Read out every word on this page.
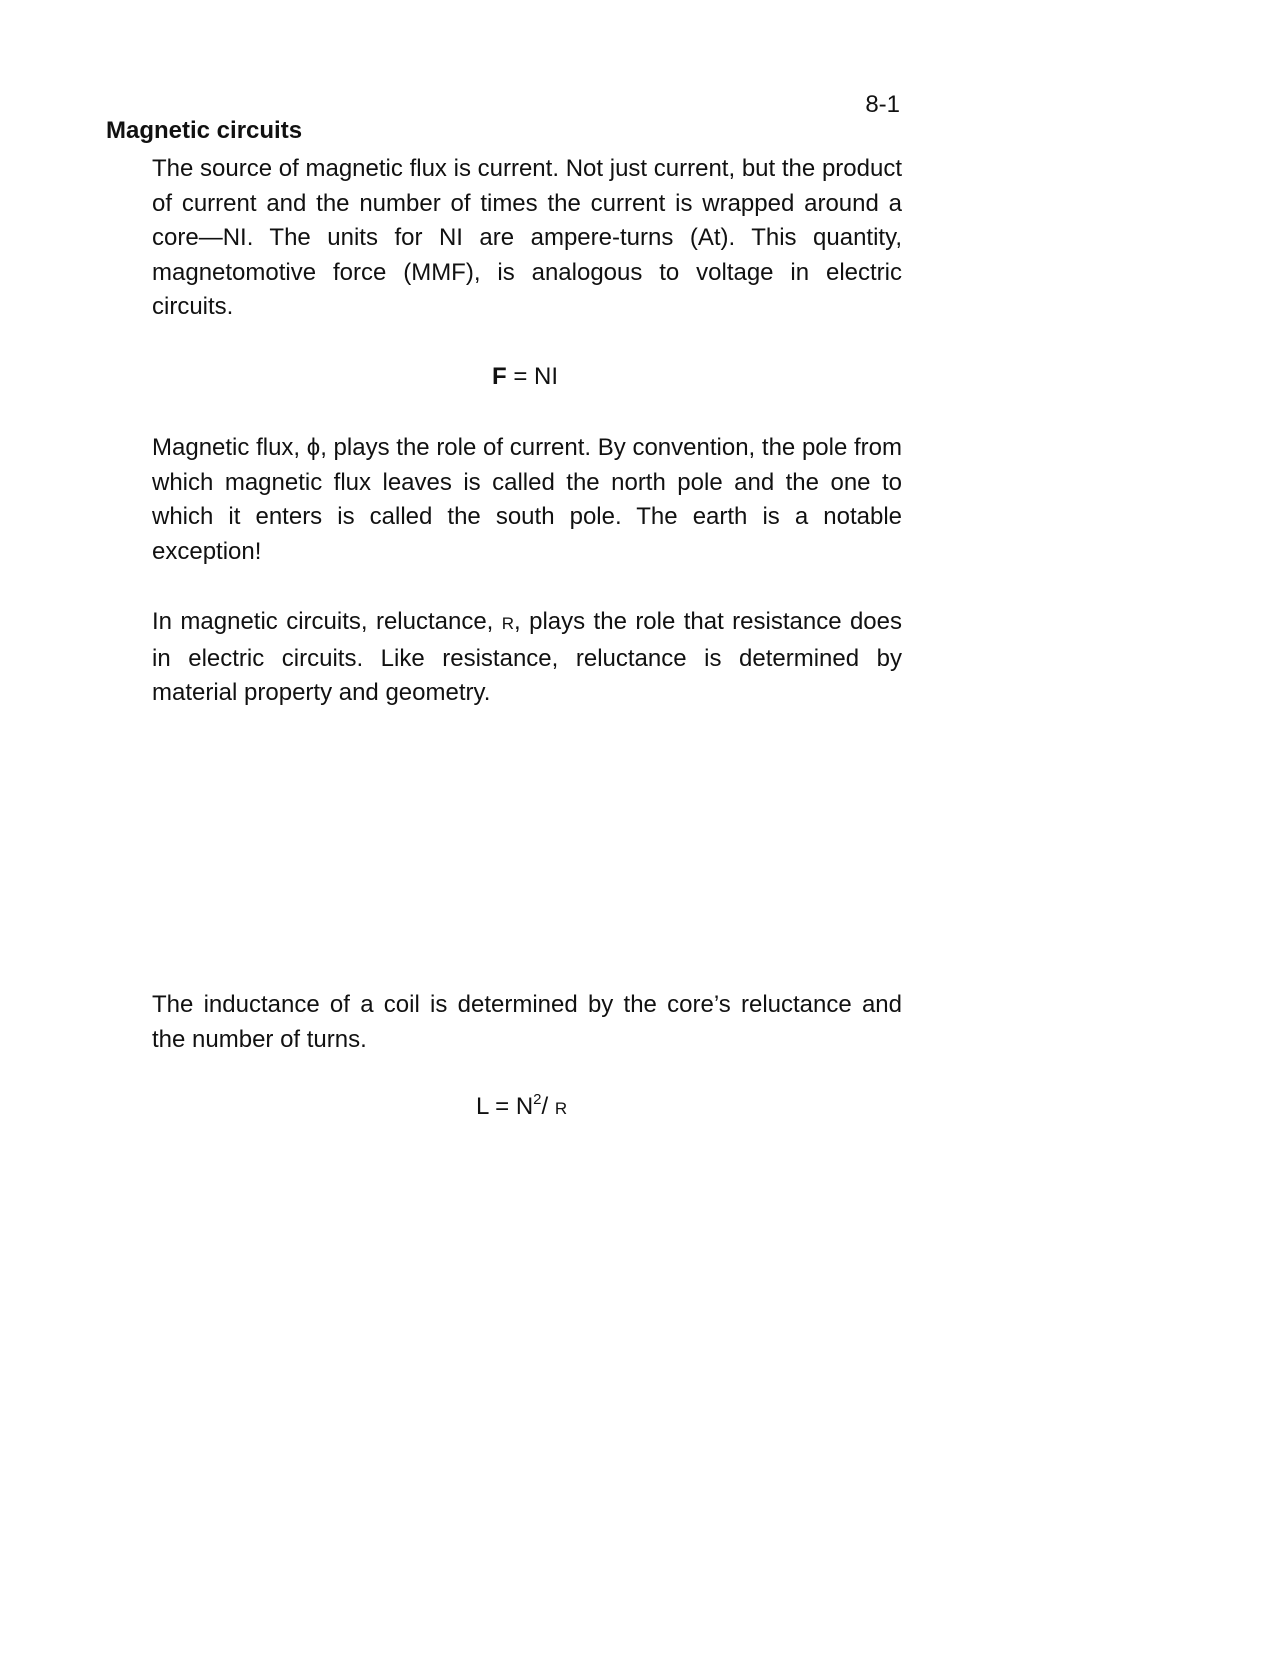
8-1
Magnetic circuits

The source of magnetic flux is current. Not just current, but the product of current and the number of times the current is wrapped around a core—NI. The units for NI are ampere-turns (At). This quantity, magnetomotive force (MMF), is analogous to voltage in electric circuits.

F = NI

Magnetic flux, ϕ, plays the role of current. By convention, the pole from which magnetic flux leaves is called the north pole and the one to which it enters is called the south pole. The earth is a notable exception!

In magnetic circuits, reluctance, R, plays the role that resistance does in electric circuits. Like resistance, reluctance is determined by material property and geometry.

The inductance of a coil is determined by the core’s reluctance and the number of turns.

$L = N^2/$ R
